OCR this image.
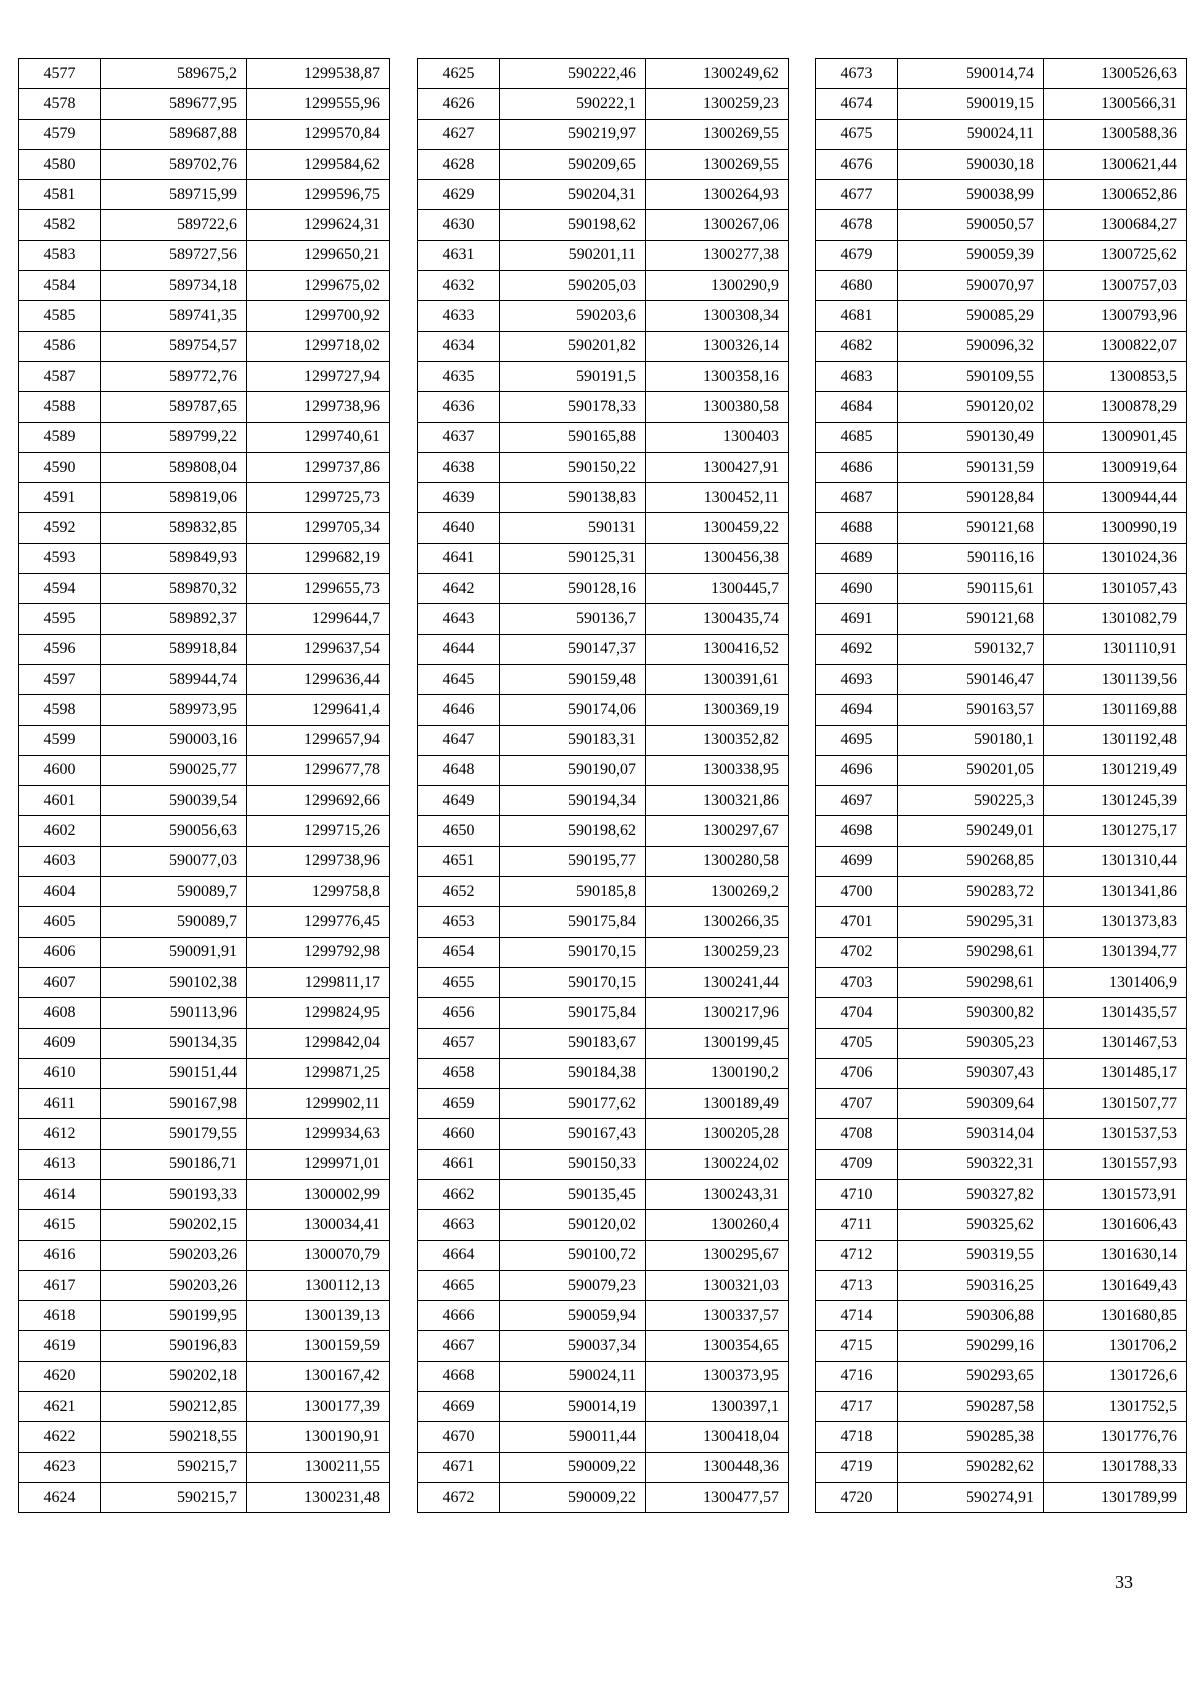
4577	589675,2	1299538,87
4578	589677,95	1299555,96
4579	589687,88	1299570,84
4580	589702,76	1299584,62
4581	589715,99	1299596,75
4582	589722,6	1299624,31
4583	589727,56	1299650,21
4584	589734,18	1299675,02
4585	589741,35	1299700,92
4586	589754,57	1299718,02
4587	589772,76	1299727,94
4588	589787,65	1299738,96
4589	589799,22	1299740,61
4590	589808,04	1299737,86
4591	589819,06	1299725,73
4592	589832,85	1299705,34
4593	589849,93	1299682,19
4594	589870,32	1299655,73
4595	589892,37	1299644,7
4596	589918,84	1299637,54
4597	589944,74	1299636,44
4598	589973,95	1299641,4
4599	590003,16	1299657,94
4600	590025,77	1299677,78
4601	590039,54	1299692,66
4602	590056,63	1299715,26
4603	590077,03	1299738,96
4604	590089,7	1299758,8
4605	590089,7	1299776,45
4606	590091,91	1299792,98
4607	590102,38	1299811,17
4608	590113,96	1299824,95
4609	590134,35	1299842,04
4610	590151,44	1299871,25
4611	590167,98	1299902,11
4612	590179,55	1299934,63
4613	590186,71	1299971,01
4614	590193,33	1300002,99
4615	590202,15	1300034,41
4616	590203,26	1300070,79
4617	590203,26	1300112,13
4618	590199,95	1300139,13
4619	590196,83	1300159,59
4620	590202,18	1300167,42
4621	590212,85	1300177,39
4622	590218,55	1300190,91
4623	590215,7	1300211,55
4624	590215,7	1300231,48
4625	590222,46	1300249,62
4626	590222,1	1300259,23
4627	590219,97	1300269,55
4628	590209,65	1300269,55
4629	590204,31	1300264,93
4630	590198,62	1300267,06
4631	590201,11	1300277,38
4632	590205,03	1300290,9
4633	590203,6	1300308,34
4634	590201,82	1300326,14
4635	590191,5	1300358,16
4636	590178,33	1300380,58
4637	590165,88	1300403
4638	590150,22	1300427,91
4639	590138,83	1300452,11
4640	590131	1300459,22
4641	590125,31	1300456,38
4642	590128,16	1300445,7
4643	590136,7	1300435,74
4644	590147,37	1300416,52
4645	590159,48	1300391,61
4646	590174,06	1300369,19
4647	590183,31	1300352,82
4648	590190,07	1300338,95
4649	590194,34	1300321,86
4650	590198,62	1300297,67
4651	590195,77	1300280,58
4652	590185,8	1300269,2
4653	590175,84	1300266,35
4654	590170,15	1300259,23
4655	590170,15	1300241,44
4656	590175,84	1300217,96
4657	590183,67	1300199,45
4658	590184,38	1300190,2
4659	590177,62	1300189,49
4660	590167,43	1300205,28
4661	590150,33	1300224,02
4662	590135,45	1300243,31
4663	590120,02	1300260,4
4664	590100,72	1300295,67
4665	590079,23	1300321,03
4666	590059,94	1300337,57
4667	590037,34	1300354,65
4668	590024,11	1300373,95
4669	590014,19	1300397,1
4670	590011,44	1300418,04
4671	590009,22	1300448,36
4672	590009,22	1300477,57
4673	590014,74	1300526,63
4674	590019,15	1300566,31
4675	590024,11	1300588,36
4676	590030,18	1300621,44
4677	590038,99	1300652,86
4678	590050,57	1300684,27
4679	590059,39	1300725,62
4680	590070,97	1300757,03
4681	590085,29	1300793,96
4682	590096,32	1300822,07
4683	590109,55	1300853,5
4684	590120,02	1300878,29
4685	590130,49	1300901,45
4686	590131,59	1300919,64
4687	590128,84	1300944,44
4688	590121,68	1300990,19
4689	590116,16	1301024,36
4690	590115,61	1301057,43
4691	590121,68	1301082,79
4692	590132,7	1301110,91
4693	590146,47	1301139,56
4694	590163,57	1301169,88
4695	590180,1	1301192,48
4696	590201,05	1301219,49
4697	590225,3	1301245,39
4698	590249,01	1301275,17
4699	590268,85	1301310,44
4700	590283,72	1301341,86
4701	590295,31	1301373,83
4702	590298,61	1301394,77
4703	590298,61	1301406,9
4704	590300,82	1301435,57
4705	590305,23	1301467,53
4706	590307,43	1301485,17
4707	590309,64	1301507,77
4708	590314,04	1301537,53
4709	590322,31	1301557,93
4710	590327,82	1301573,91
4711	590325,62	1301606,43
4712	590319,55	1301630,14
4713	590316,25	1301649,43
4714	590306,88	1301680,85
4715	590299,16	1301706,2
4716	590293,65	1301726,6
4717	590287,58	1301752,5
4718	590285,38	1301776,76
4719	590282,62	1301788,33
4720	590274,91	1301789,99
33
